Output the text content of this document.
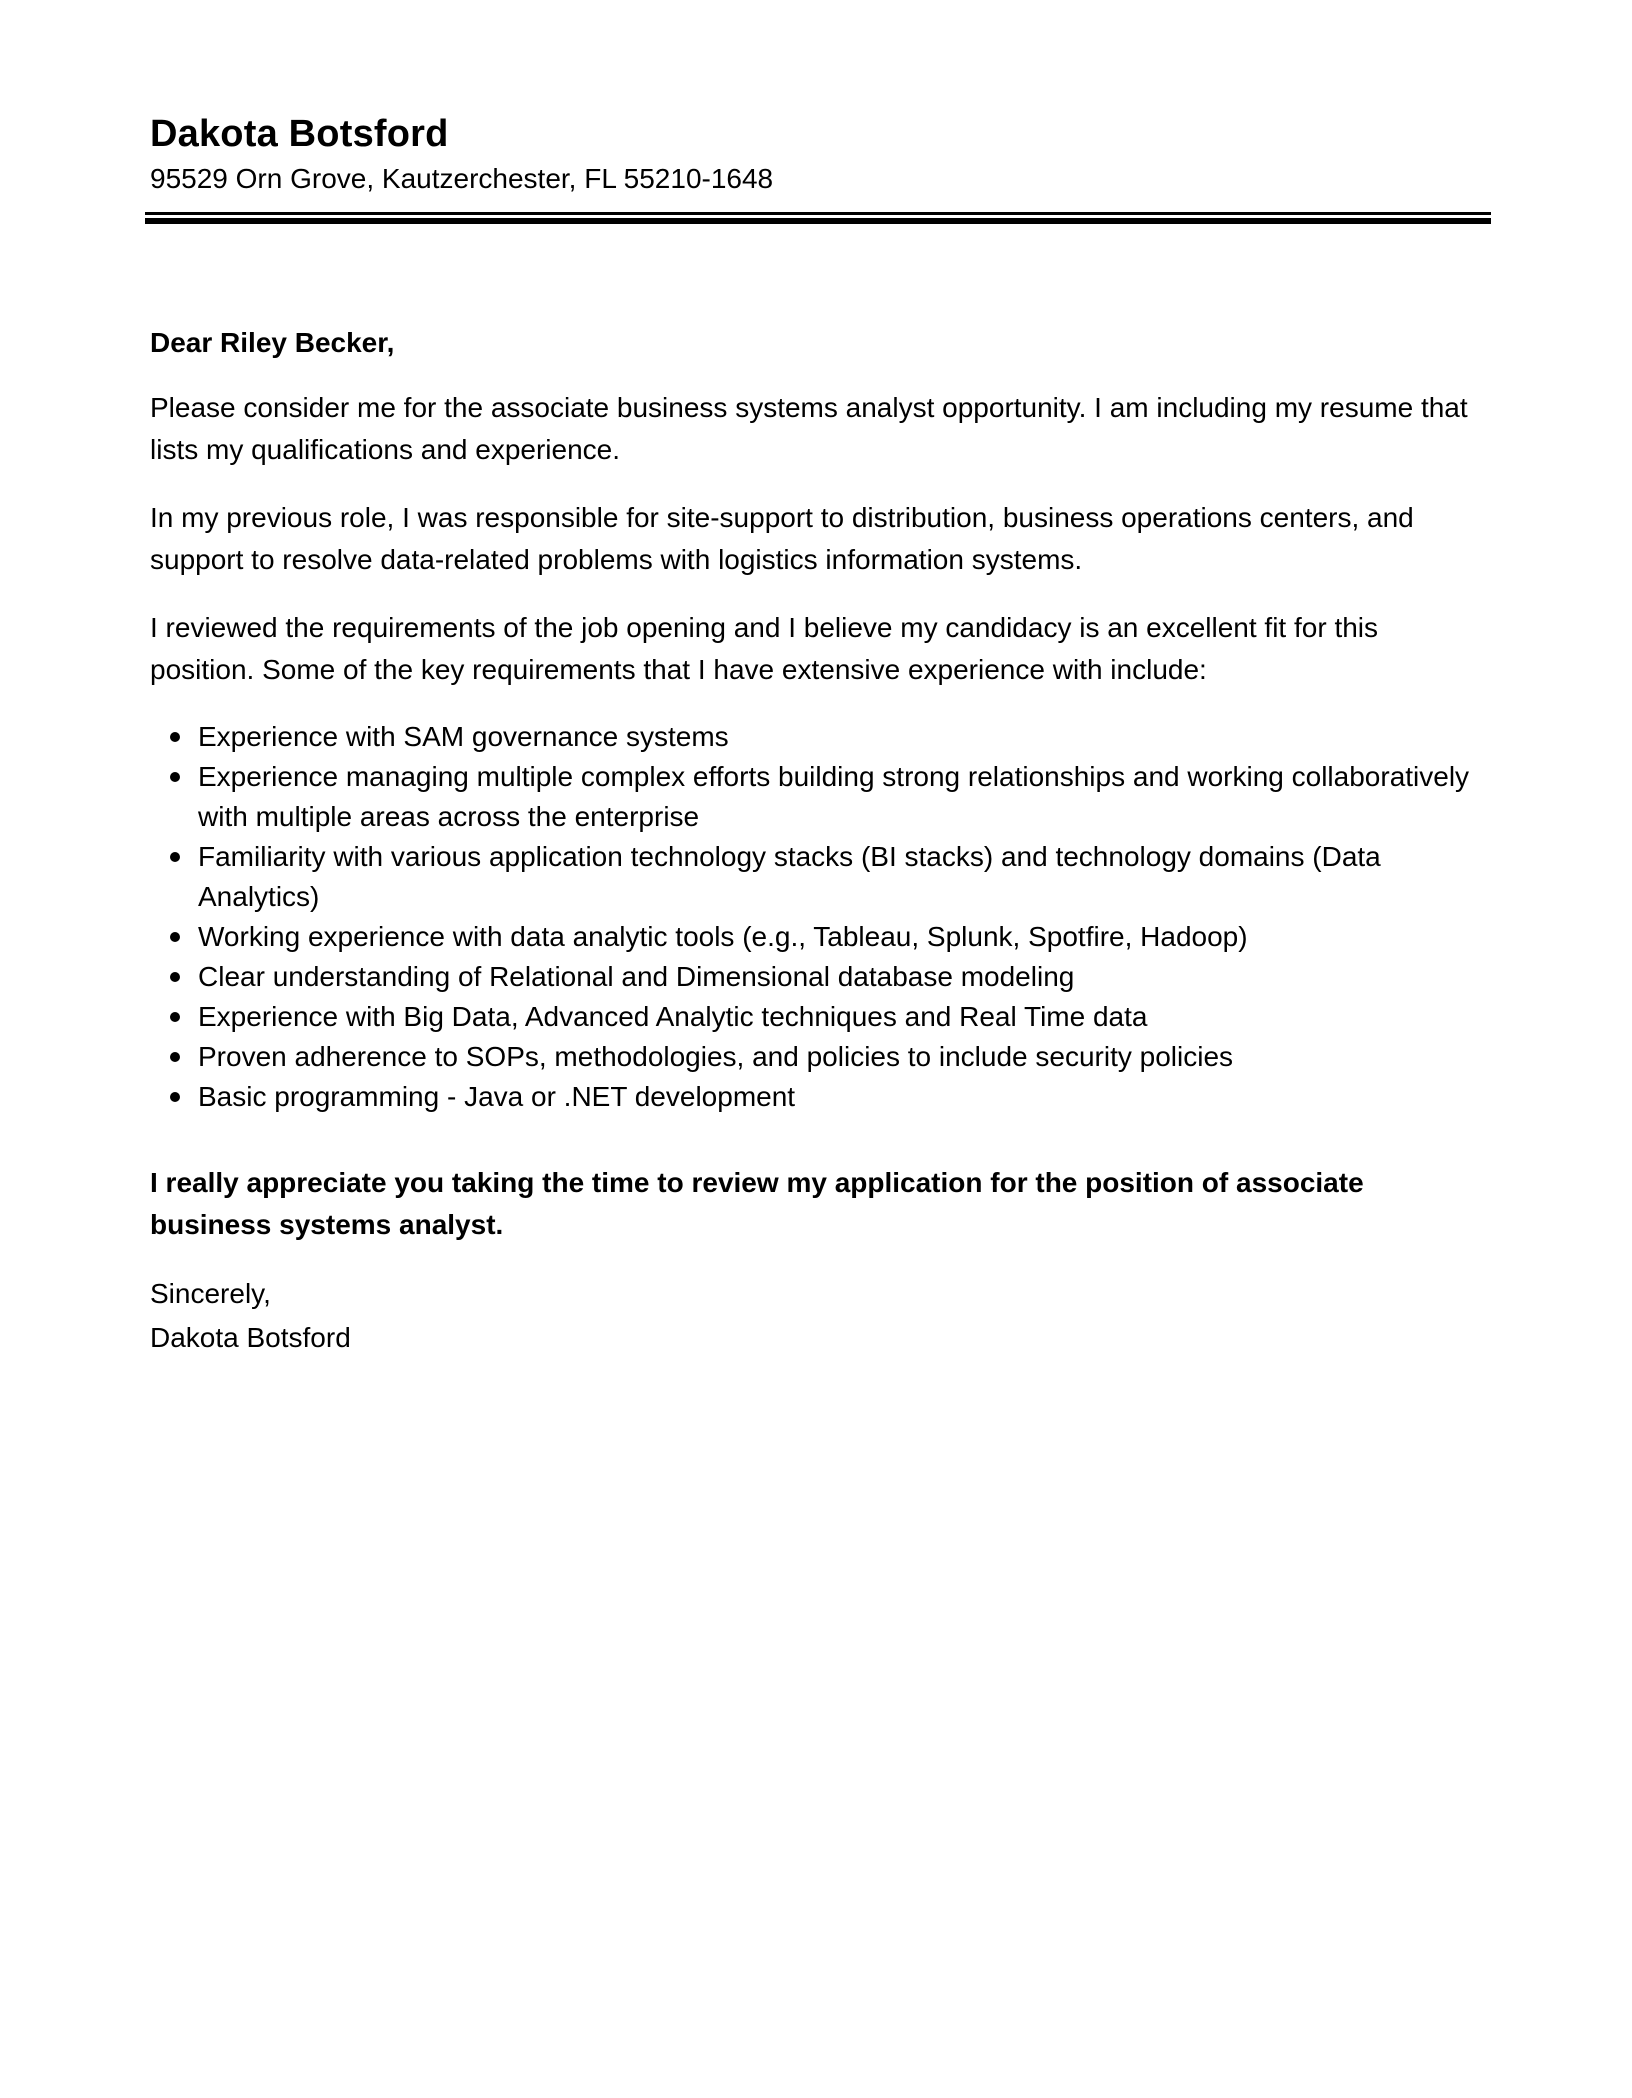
Dakota Botsford
95529 Orn Grove, Kautzerchester, FL 55210-1648
Dear Riley Becker,

Please consider me for the associate business systems analyst opportunity. I am including my resume that lists my qualifications and experience.

In my previous role, I was responsible for site-support to distribution, business operations centers, and support to resolve data-related problems with logistics information systems.

I reviewed the requirements of the job opening and I believe my candidacy is an excellent fit for this position. Some of the key requirements that I have extensive experience with include:

Experience with SAM governance systems
Experience managing multiple complex efforts building strong relationships and working collaboratively with multiple areas across the enterprise
Familiarity with various application technology stacks (BI stacks) and technology domains (Data Analytics)
Working experience with data analytic tools (e.g., Tableau, Splunk, Spotfire, Hadoop)
Clear understanding of Relational and Dimensional database modeling
Experience with Big Data, Advanced Analytic techniques and Real Time data
Proven adherence to SOPs, methodologies, and policies to include security policies
Basic programming - Java or .NET development

I really appreciate you taking the time to review my application for the position of associate business systems analyst.

Sincerely,
Dakota Botsford
